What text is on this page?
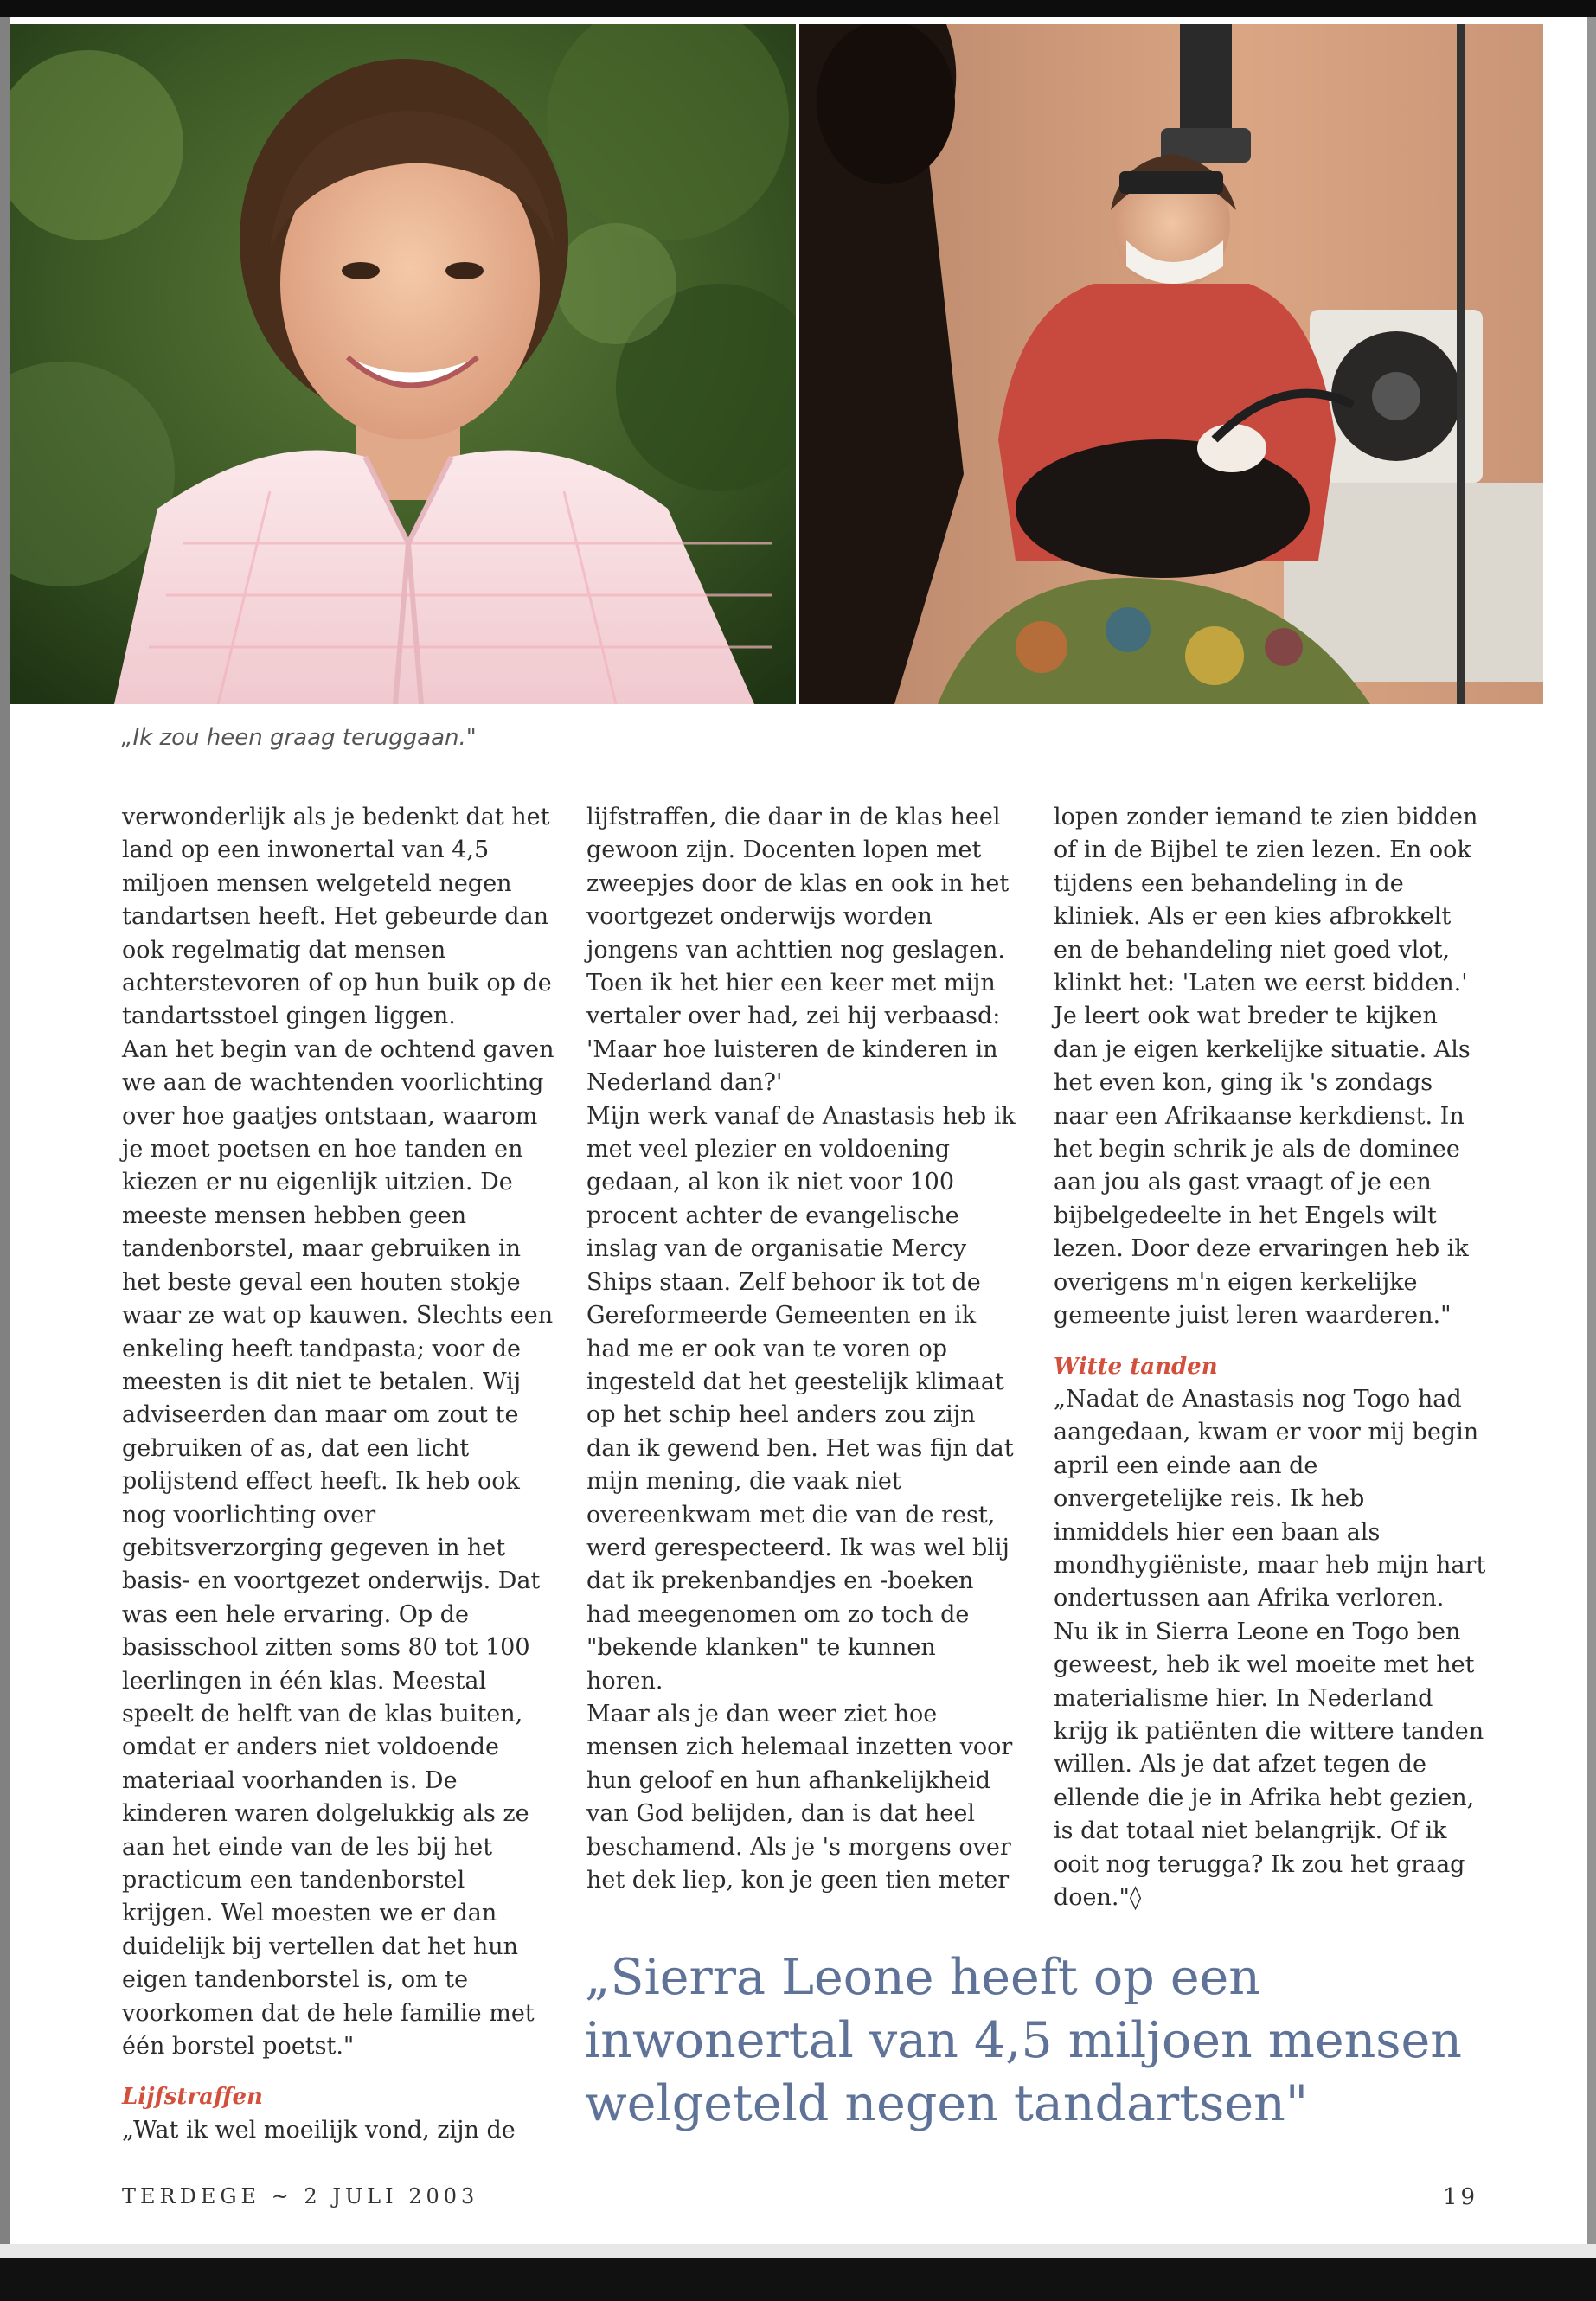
„Ik zou heen graag teruggaan."

verwonderlijk als je bedenkt dat het land op een inwonertal van 4,5 miljoen mensen welgeteld negen tandartsen heeft. Het gebeurde dan ook regelmatig dat mensen achterstevoren of op hun buik op de tandartsstoel gingen liggen.

Aan het begin van de ochtend gaven we aan de wachtenden voorlichting over hoe gaatjes ontstaan, waarom je moet poetsen en hoe tanden en kiezen er nu eigenlijk uitzien. De meeste mensen hebben geen tandenborstel, maar gebruiken in het beste geval een houten stokje waar ze wat op kauwen. Slechts een enkeling heeft tandpasta; voor de meesten is dit niet te betalen. Wij adviseerden dan maar om zout te gebruiken of as, dat een licht polijstend effect heeft. Ik heb ook nog voorlichting over gebitsverzorging gegeven in het basis- en voortgezet onderwijs. Dat was een hele ervaring. Op de basisschool zitten soms 80 tot 100 leerlingen in één klas. Meestal speelt de helft van de klas buiten, omdat er anders niet voldoende materiaal voorhanden is. De kinderen waren dolgelukkig als ze aan het einde van de les bij het practicum een tandenborstel krijgen. Wel moesten we er dan duidelijk bij vertellen dat het hun eigen tandenborstel is, om te voorkomen dat de hele familie met één borstel poetst."

Lijfstraffen

„Wat ik wel moeilijk vond, zijn de

lijfstraffen, die daar in de klas heel gewoon zijn. Docenten lopen met zweepjes door de klas en ook in het voortgezet onderwijs worden jongens van achttien nog geslagen. Toen ik het hier een keer met mijn vertaler over had, zei hij verbaasd: 'Maar hoe luisteren de kinderen in Nederland dan?'

Mijn werk vanaf de Anastasis heb ik met veel plezier en voldoening gedaan, al kon ik niet voor 100 procent achter de evangelische inslag van de organisatie Mercy Ships staan. Zelf behoor ik tot de Gereformeerde Gemeenten en ik had me er ook van te voren op ingesteld dat het geestelijk klimaat op het schip heel anders zou zijn dan ik gewend ben. Het was fijn dat mijn mening, die vaak niet overeenkwam met die van de rest, werd gerespecteerd. Ik was wel blij dat ik prekenbandjes en -boeken had meegenomen om zo toch de "bekende klanken" te kunnen horen.

Maar als je dan weer ziet hoe mensen zich helemaal inzetten voor hun geloof en hun afhankelijkheid van God belijden, dan is dat heel beschamend. Als je 's morgens over het dek liep, kon je geen tien meter

lopen zonder iemand te zien bidden of in de Bijbel te zien lezen. En ook tijdens een behandeling in de kliniek. Als er een kies afbrokkelt en de behandeling niet goed vlot, klinkt het: 'Laten we eerst bidden.' Je leert ook wat breder te kijken dan je eigen kerkelijke situatie. Als het even kon, ging ik 's zondags naar een Afrikaanse kerkdienst. In het begin schrik je als de dominee aan jou als gast vraagt of je een bijbelgedeelte in het Engels wilt lezen. Door deze ervaringen heb ik overigens m'n eigen kerkelijke gemeente juist leren waarderen."

Witte tanden

„Nadat de Anastasis nog Togo had aangedaan, kwam er voor mij begin april een einde aan de onvergetelijke reis. Ik heb inmiddels hier een baan als mondhygiëniste, maar heb mijn hart ondertussen aan Afrika verloren. Nu ik in Sierra Leone en Togo ben geweest, heb ik wel moeite met het materialisme hier. In Nederland krijg ik patiënten die wittere tanden willen. Als je dat afzet tegen de ellende die je in Afrika hebt gezien, is dat totaal niet belangrijk. Of ik ooit nog terugga? Ik zou het graag doen."◊

„Sierra Leone heeft op een inwonertal van 4,5 miljoen mensen welgeteld negen tandartsen"
TERDEGE ~ 2 JULI 2003	19
